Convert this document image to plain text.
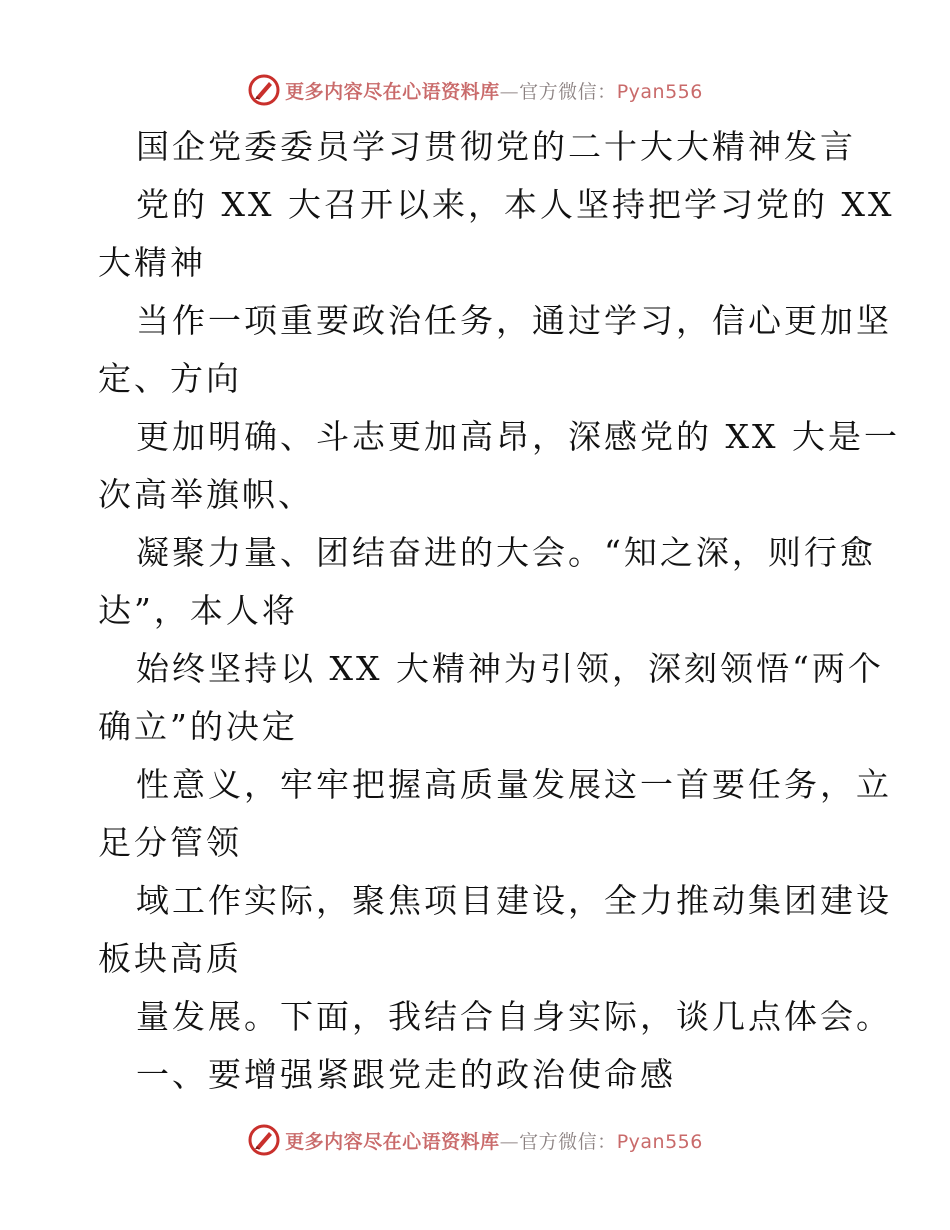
更多内容尽在心语资料库—官方微信：Pyan556
国企党委委员学习贯彻党的二十大大精神发言
党的 XX 大召开以来，本人坚持把学习党的 XX
大精神
当作一项重要政治任务，通过学习，信心更加坚
定、方向
更加明确、斗志更加高昂，深感党的 XX 大是一
次高举旗帜、
凝聚力量、团结奋进的大会。“知之深，则行愈
达”，本人将
始终坚持以 XX 大精神为引领，深刻领悟“两个
确立”的决定
性意义，牢牢把握高质量发展这一首要任务，立
足分管领
域工作实际，聚焦项目建设，全力推动集团建设
板块高质
量发展。下面，我结合自身实际，谈几点体会。
一、要增强紧跟党走的政治使命感
更多内容尽在心语资料库—官方微信：Pyan556
